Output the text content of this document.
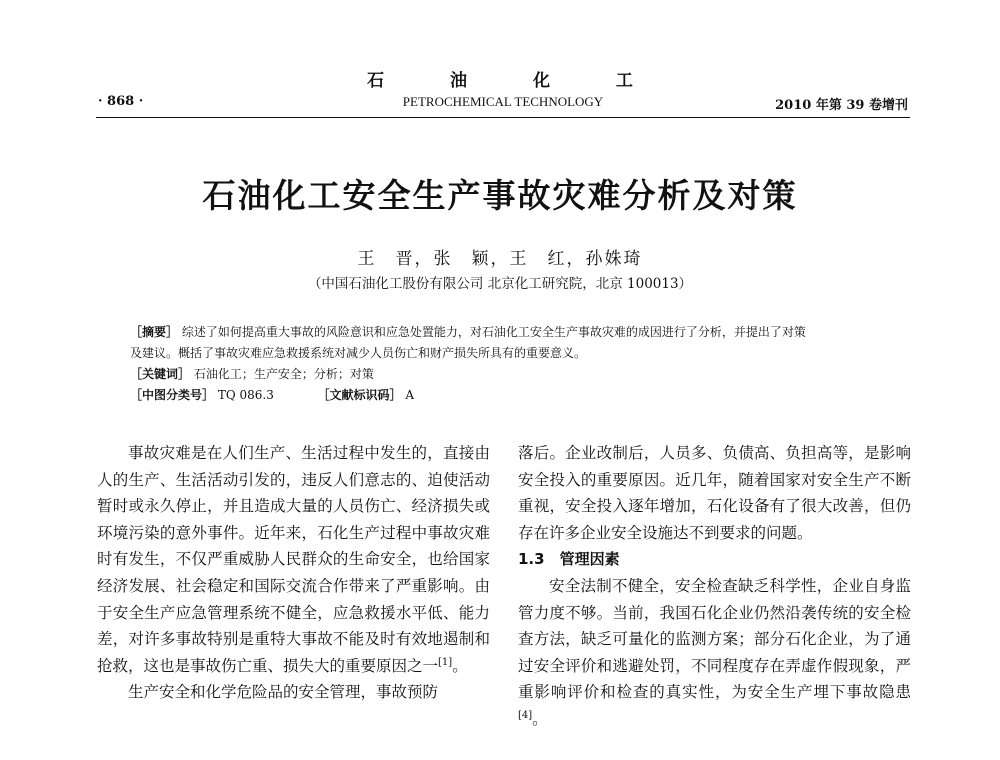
石 油 化 工
· 868 ·	PETROCHEMICAL TECHNOLOGY	2010 年第 39 卷增刊
石油化工安全生产事故灾难分析及对策
王　晋，张　颖，王　红，孙姝琦
（中国石油化工股份有限公司 北京化工研究院，北京 100013）
［摘要］ 综述了如何提高重大事故的风险意识和应急处置能力，对石油化工安全生产事故灾难的成因进行了分析，并提出了对策
及建议。概括了事故灾难应急救援系统对减少人员伤亡和财产损失所具有的重要意义。
［关键词］ 石油化工；生产安全；分析；对策
［中图分类号］ TQ 086.3	［文献标识码］ A

事故灾难是在人们生产、生活过程中发生的，直接由人的生产、生活活动引发的，违反人们意志的、迫使活动暂时或永久停止，并且造成大量的人员伤亡、经济损失或环境污染的意外事件。近年来，石化生产过程中事故灾难时有发生，不仅严重威胁人民群众的生命安全，也给国家经济发展、社会稳定和国际交流合作带来了严重影响。由于安全生产应急管理系统不健全，应急救援水平低、能力差，对许多事故特别是重特大事故不能及时有效地遏制和抢救，这也是事故伤亡重、损失大的重要原因之一[1]。

生产安全和化学危险品的安全管理，事故预防

落后。企业改制后，人员多、负债高、负担高等，是影响安全投入的重要原因。近几年，随着国家对安全生产不断重视，安全投入逐年增加，石化设备有了很大改善，但仍存在许多企业安全设施达不到要求的问题。

1.3　管理因素

安全法制不健全，安全检查缺乏科学性，企业自身监管力度不够。当前，我国石化企业仍然沿袭传统的安全检查方法，缺乏可量化的监测方案；部分石化企业，为了通过安全评价和逃避处罚，不同程度存在弄虚作假现象，严重影响评价和检查的真实性，为安全生产埋下事故隐患[4]。
